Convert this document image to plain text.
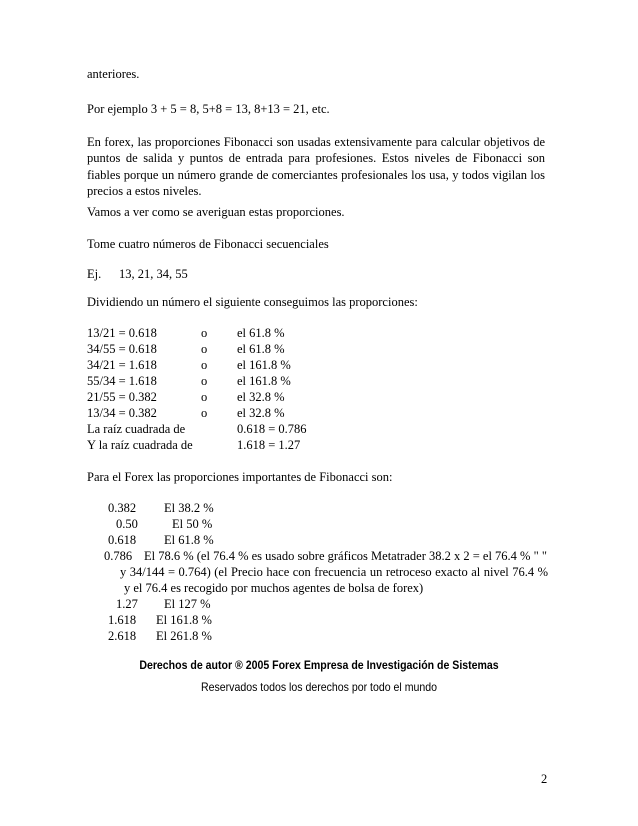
anteriores.

Por ejemplo 3 + 5 = 8, 5+8 = 13, 8+13 = 21, etc.

En forex, las proporciones Fibonacci son usadas extensivamente para calcular objetivos de puntos de salida y puntos de entrada para profesiones. Estos niveles de Fibonacci son fiables porque un número grande de comerciantes profesionales los usa, y todos vigilan los precios a estos niveles.

Vamos a ver como se averiguan estas proporciones.

Tome cuatro números de Fibonacci secuenciales

Ej. 13, 21, 34, 55

Dividiendo un número el siguiente conseguimos las proporciones:

13/21 = 0.618	o el 61.8 %
34/55 = 0.618	o el 61.8 %
34/21 = 1.618	o el 161.8 %
55/34 = 1.618	o el 161.8 %
21/55 = 0.382	o el 32.8 %
13/34 = 0.382	o el 32.8 %
La raíz cuadrada de	0.618 = 0.786
Y la raíz cuadrada de	1.618 = 1.27

Para el Forex las proporciones importantes de Fibonacci son:

0.382 El 38.2 %
0.50	El 50 %
0.618 El 61.8 %
0.786 El 78.6 % (el 76.4 % es usado sobre gráficos Metatrader 38.2 x 2 = el 76.4 % " "

y 34/144 = 0.764) (el Precio hace con frecuencia un retroceso exacto al nivel 76.4 % y el 76.4 es recogido por muchos agentes de bolsa de forex)

1.27 El 127 %
1.618 El 161.8 %
2.618 El 261.8 %
Derechos de autor ® 2005 Forex Empresa de Investigación de Sistemas
Reservados todos los derechos por todo el mundo
2
